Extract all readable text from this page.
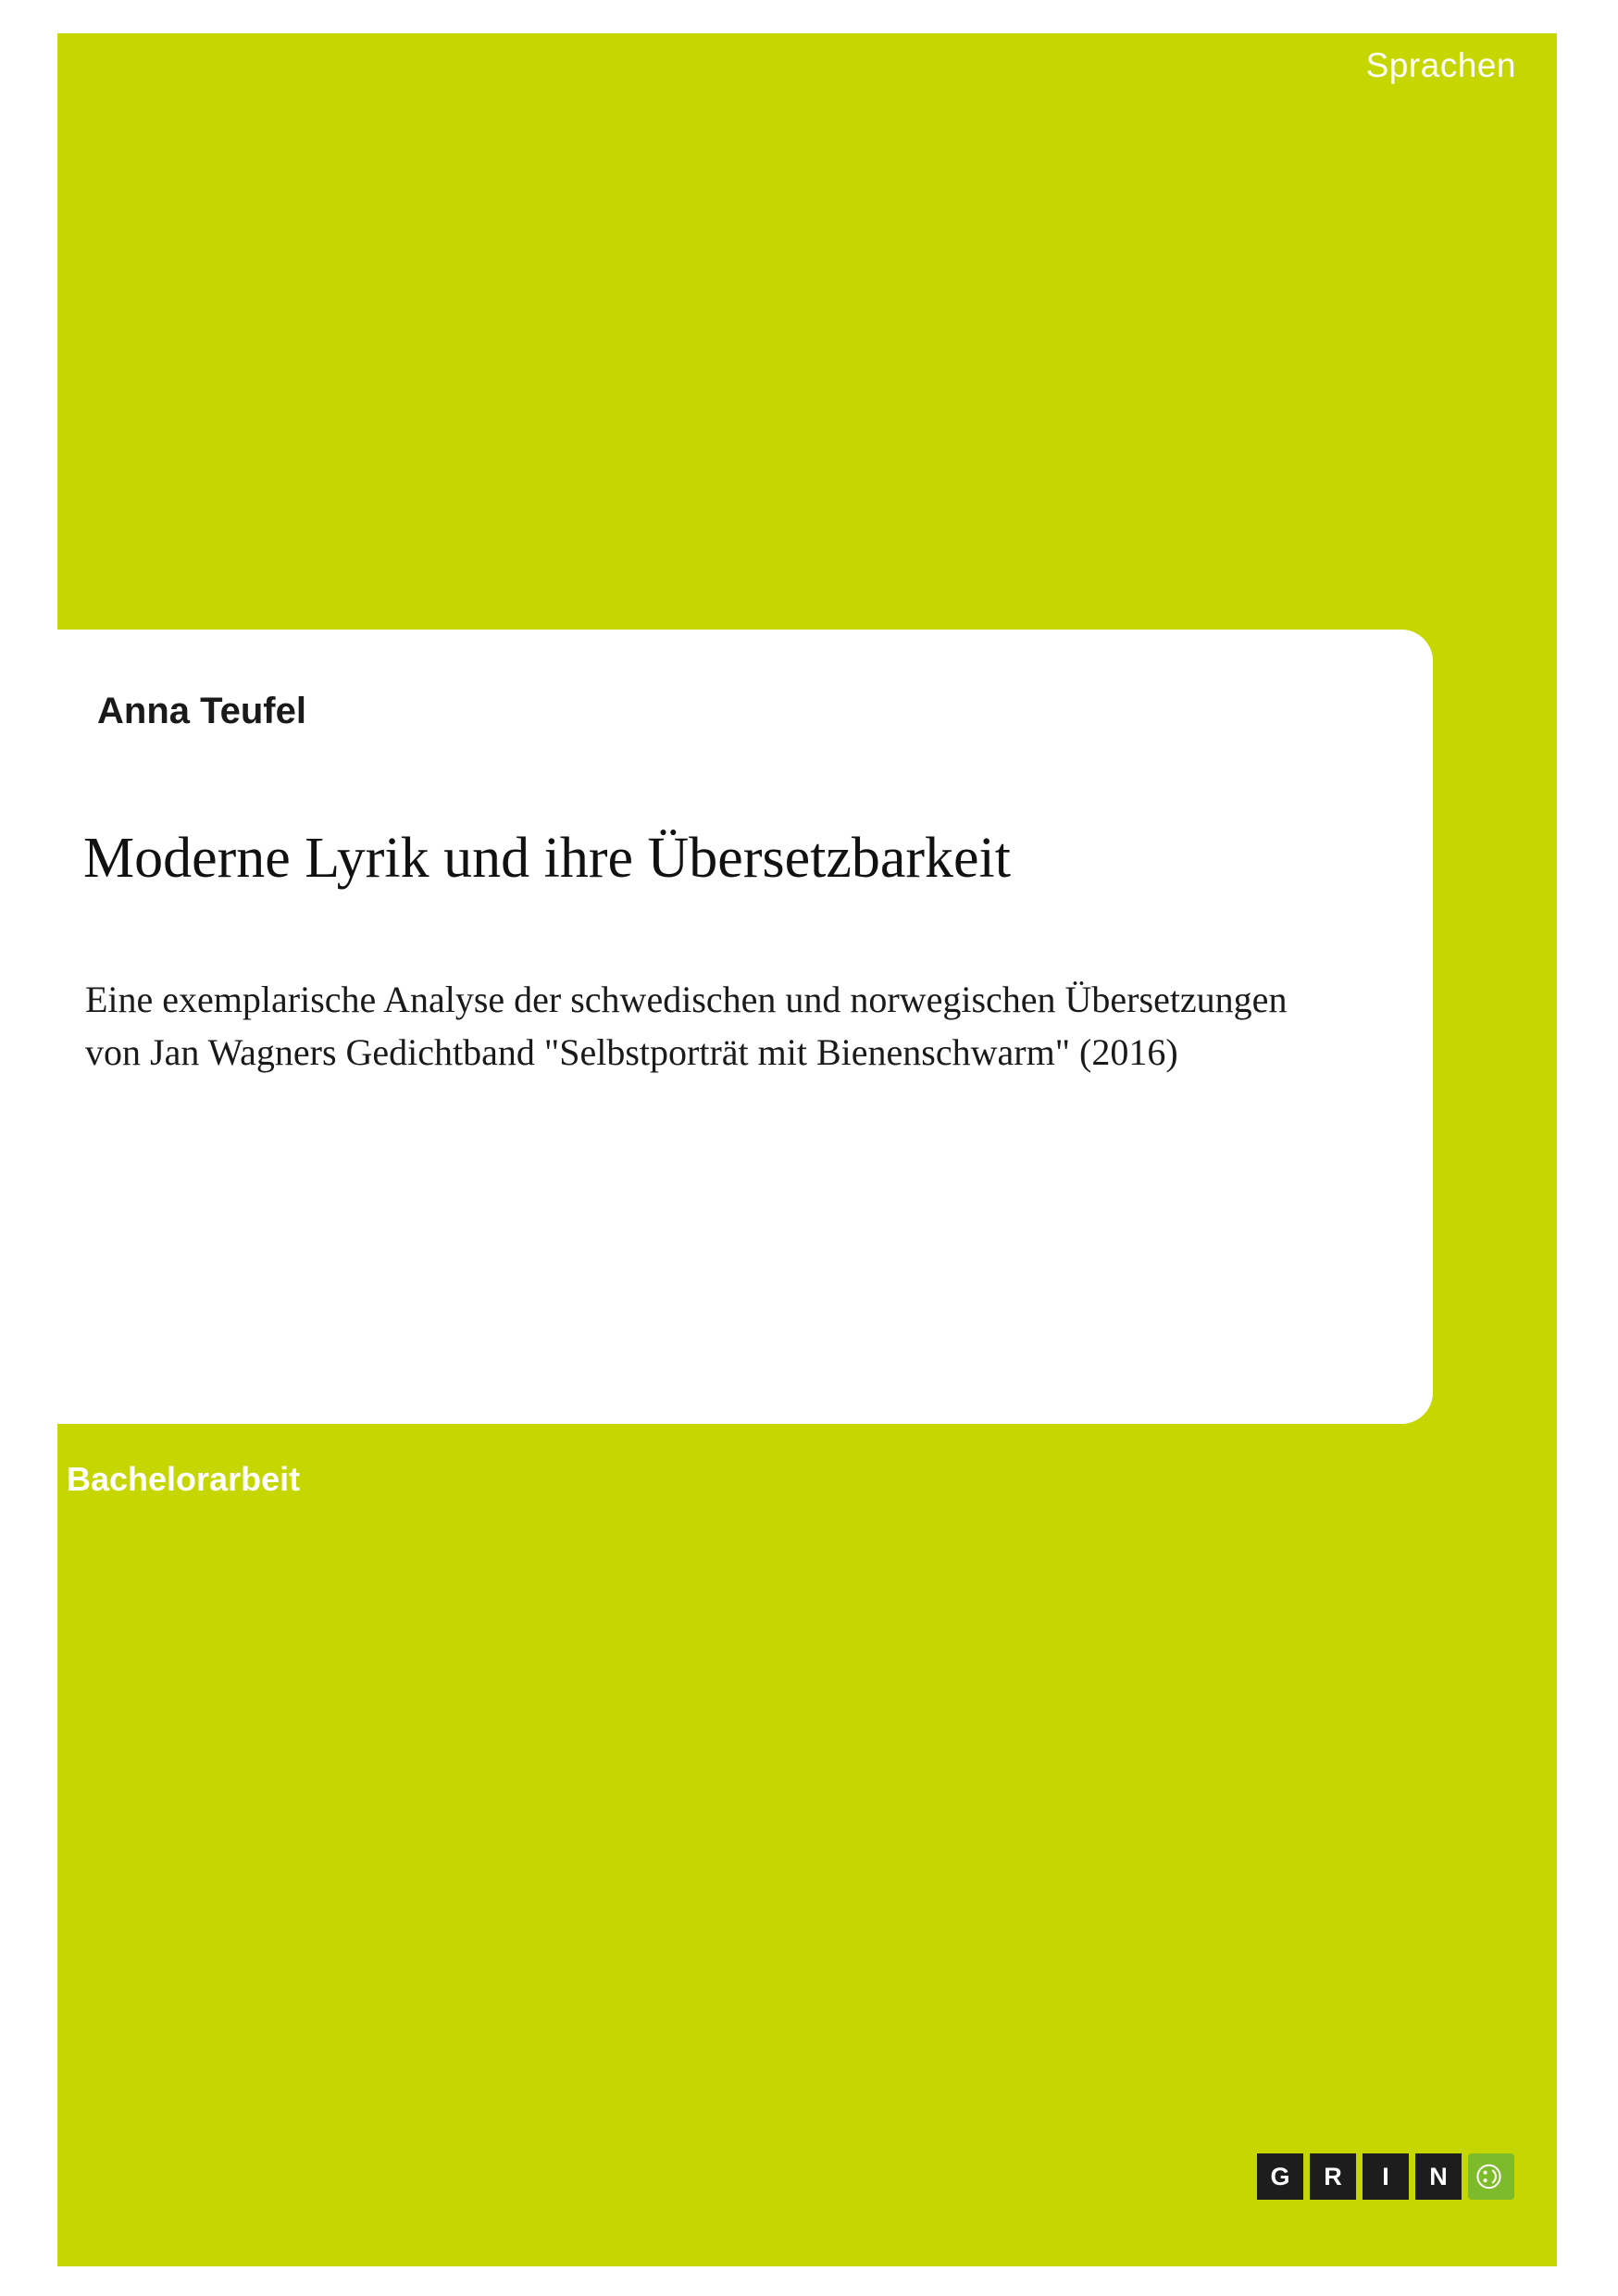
Sprachen
Anna Teufel
Moderne Lyrik und ihre Übersetzbarkeit
Eine exemplarische Analyse der schwedischen und norwegischen Übersetzungen von Jan Wagners Gedichtband "Selbstporträt mit Bienenschwarm" (2016)
Bachelorarbeit
G	R	I	N ☺
